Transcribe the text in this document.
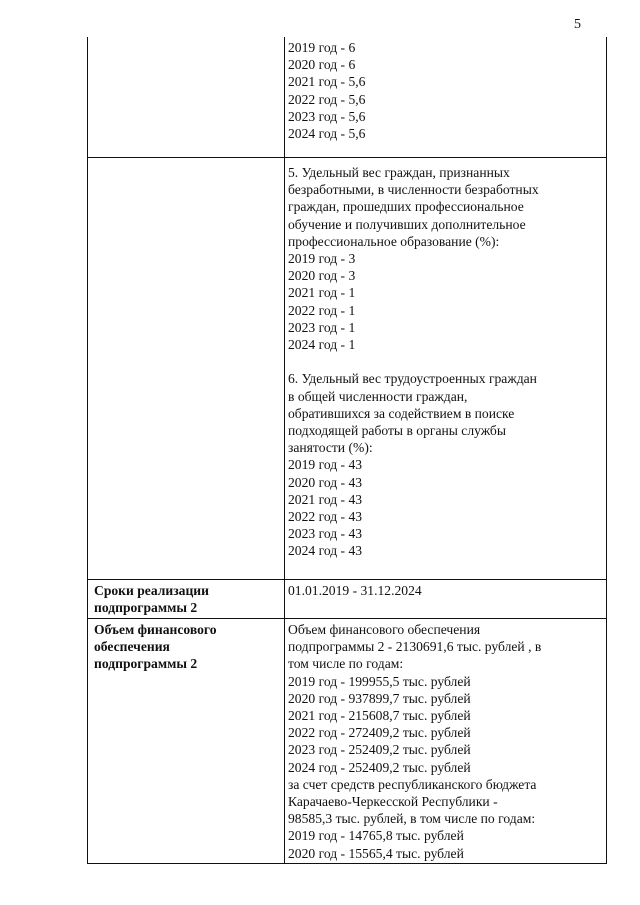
5
2019 год - 6
2020 год - 6
2021 год - 5,6
2022 год - 5,6
2023 год - 5,6
2024 год - 5,6
5. Удельный вес граждан, признанных
безработными, в численности безработных
граждан, прошедших профессиональное
обучение и получивших дополнительное
профессиональное образование (%):
2019 год - 3
2020 год - 3
2021 год - 1
2022 год - 1
2023 год - 1
2024 год - 1
6. Удельный вес трудоустроенных граждан
в общей численности граждан,
обратившихся за содействием в поиске
подходящей работы в органы службы
занятости (%):
2019 год - 43
2020 год - 43
2021 год - 43
2022 год - 43
2023 год - 43
2024 год - 43
Сроки реализации
подпрограммы 2
01.01.2019 - 31.12.2024
Объем финансового
обеспечения
подпрограммы 2
Объем финансового обеспечения
подпрограммы 2 - 2130691,6 тыс. рублей , в
том числе по годам:
2019 год - 199955,5 тыс. рублей
2020 год - 937899,7 тыс. рублей
2021 год - 215608,7 тыс. рублей
2022 год - 272409,2 тыс. рублей
2023 год - 252409,2 тыс. рублей
2024 год - 252409,2 тыс. рублей
за счет средств республиканского бюджета
Карачаево-Черкесской Республики -
98585,3 тыс. рублей, в том числе по годам:
2019 год - 14765,8 тыс. рублей
2020 год - 15565,4 тыс. рублей
